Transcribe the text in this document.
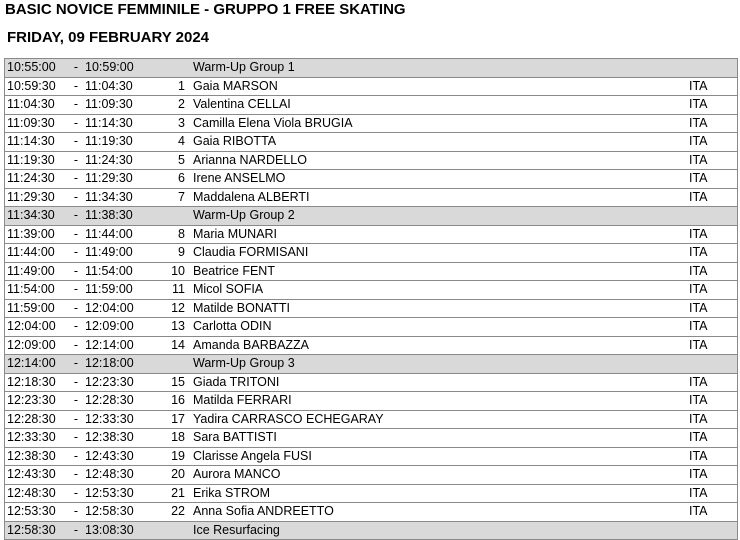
BASIC NOVICE FEMMINILE - GRUPPO 1 FREE SKATING
FRIDAY, 09 FEBRUARY 2024
10:55:00	-	10:59:00		Warm-Up Group 1	
10:59:30	-	11:04:30	1	Gaia MARSON	ITA
11:04:30	-	11:09:30	2	Valentina CELLAI	ITA
11:09:30	-	11:14:30	3	Camilla Elena Viola BRUGIA	ITA
11:14:30	-	11:19:30	4	Gaia RIBOTTA	ITA
11:19:30	-	11:24:30	5	Arianna NARDELLO	ITA
11:24:30	-	11:29:30	6	Irene ANSELMO	ITA
11:29:30	-	11:34:30	7	Maddalena ALBERTI	ITA
11:34:30	-	11:38:30		Warm-Up Group 2	
11:39:00	-	11:44:00	8	Maria MUNARI	ITA
11:44:00	-	11:49:00	9	Claudia FORMISANI	ITA
11:49:00	-	11:54:00	10	Beatrice FENT	ITA
11:54:00	-	11:59:00	11	Micol SOFIA	ITA
11:59:00	-	12:04:00	12	Matilde BONATTI	ITA
12:04:00	-	12:09:00	13	Carlotta ODIN	ITA
12:09:00	-	12:14:00	14	Amanda BARBAZZA	ITA
12:14:00	-	12:18:00		Warm-Up Group 3	
12:18:30	-	12:23:30	15	Giada TRITONI	ITA
12:23:30	-	12:28:30	16	Matilda FERRARI	ITA
12:28:30	-	12:33:30	17	Yadira CARRASCO ECHEGARAY	ITA
12:33:30	-	12:38:30	18	Sara BATTISTI	ITA
12:38:30	-	12:43:30	19	Clarisse Angela FUSI	ITA
12:43:30	-	12:48:30	20	Aurora MANCO	ITA
12:48:30	-	12:53:30	21	Erika STROM	ITA
12:53:30	-	12:58:30	22	Anna Sofia ANDREETTO	ITA
12:58:30	-	13:08:30		Ice Resurfacing	
